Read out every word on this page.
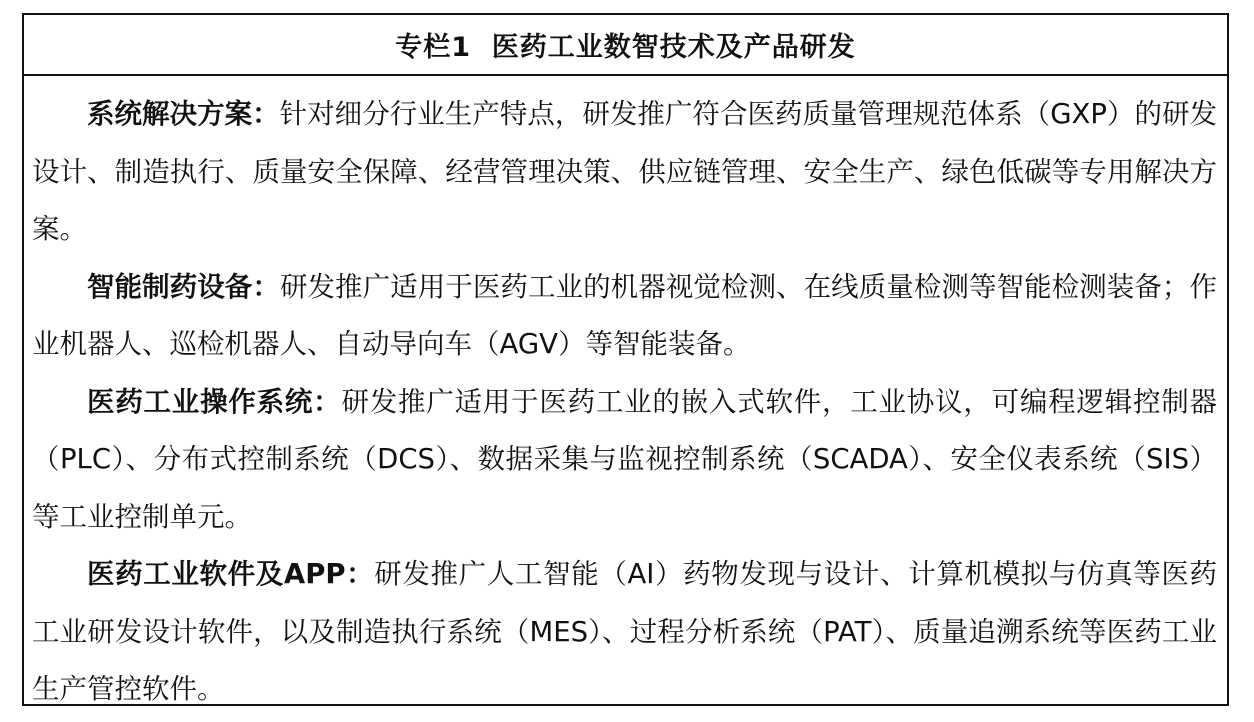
专栏1  医药工业数智技术及产品研发

系统解决方案：针对细分行业生产特点，研发推广符合医药质量管理规范体系（GXP）的研发设计、制造执行、质量安全保障、经营管理决策、供应链管理、安全生产、绿色低碳等专用解决方案。

智能制药设备：研发推广适用于医药工业的机器视觉检测、在线质量检测等智能检测装备；作业机器人、巡检机器人、自动导向车（AGV）等智能装备。

医药工业操作系统：研发推广适用于医药工业的嵌入式软件，工业协议，可编程逻辑控制器（PLC）、分布式控制系统（DCS）、数据采集与监视控制系统（SCADA）、安全仪表系统（SIS）等工业控制单元。

医药工业软件及APP：研发推广人工智能（AI）药物发现与设计、计算机模拟与仿真等医药工业研发设计软件，以及制造执行系统（MES）、过程分析系统（PAT）、质量追溯系统等医药工业生产管控软件。
